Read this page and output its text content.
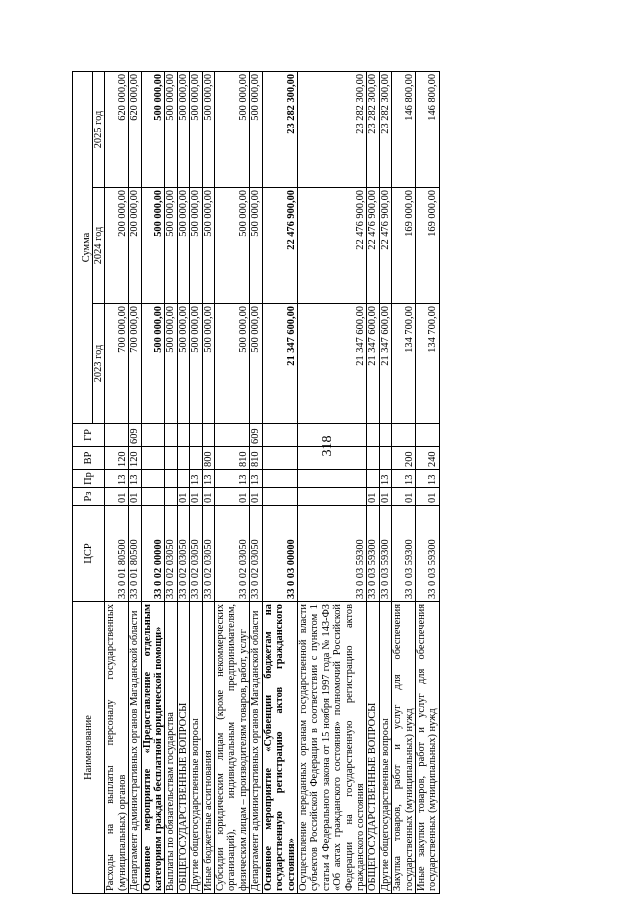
318
Наименование	ЦСР	Рз	Пр	ВР	ГР			
						Сумма		
						2023 год	2024 год	2025 год
Расходы на выплаты персоналу государственных (муниципальных) органов	33 0 01 80500	01	13	120		700 000,00	200 000,00	620 000,00
Департамент административных органов Магаданской области	33 0 01 80500	01	13	120	609	700 000,00	200 000,00	620 000,00
Основное мероприятие «Предоставление отдельным категориям граждан бесплатной юридической помощи»	33 0 02 00000					500 000,00	500 000,00	500 000,00
Выплаты по обязательствам государства	33 0 02 03050					500 000,00	500 000,00	500 000,00
ОБЩЕГОСУДАРСТВЕННЫЕ ВОПРОСЫ	33 0 02 03050	01				500 000,00	500 000,00	500 000,00
Другие общегосударственные вопросы	33 0 02 03050	01	13			500 000,00	500 000,00	500 000,00
Иные бюджетные ассигнования	33 0 02 03050	01	13	800		500 000,00	500 000,00	500 000,00
Субсидии юридическим лицам (кроме некоммерческих организаций), индивидуальным предпринимателям, физическим лицам – производителям товаров, работ, услуг	33 0 02 03050	01	13	810		500 000,00	500 000,00	500 000,00
Департамент административных органов Магаданской области	33 0 02 03050	01	13	810	609	500 000,00	500 000,00	500 000,00
Основное мероприятие «Субвенции бюджетам на государственную регистрацию актов гражданского состояния»	33 0 03 00000					21 347 600,00	22 476 900,00	23 282 300,00
Осуществление переданных органам государственной власти субъектов Российской Федерации в соответствии с пунктом 1 статьи 4 Федерального закона от 15 ноября 1997 года № 143-ФЗ «Об актах гражданского состояния» полномочий Российской Федерации на государственную регистрацию актов гражданского состояния	33 0 03 59300					21 347 600,00	22 476 900,00	23 282 300,00
ОБЩЕГОСУДАРСТВЕННЫЕ ВОПРОСЫ	33 0 03 59300	01				21 347 600,00	22 476 900,00	23 282 300,00
Другие общегосударственные вопросы	33 0 03 59300	01	13			21 347 600,00	22 476 900,00	23 282 300,00
Закупка товаров, работ и услуг для обеспечения государственных (муниципальных) нужд	33 0 03 59300	01	13	200		134 700,00	169 000,00	146 800,00
Иные закупки товаров, работ и услуг для обеспечения государственных (муниципальных) нужд	33 0 03 59300	01	13	240		134 700,00	169 000,00	146 800,00
